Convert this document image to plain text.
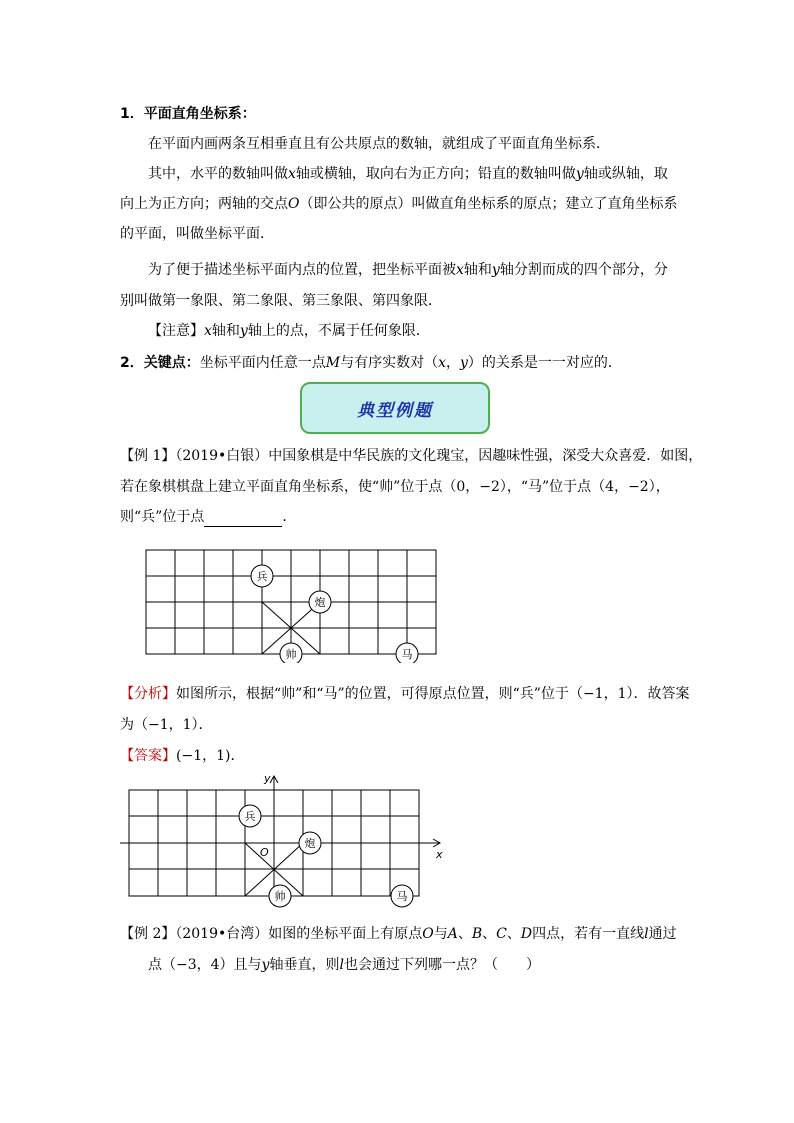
1．平面直角坐标系：
在平面内画两条互相垂直且有公共原点的数轴，就组成了平面直角坐标系．
其中，水平的数轴叫做x轴或横轴，取向右为正方向；铅直的数轴叫做y轴或纵轴，取
向上为正方向；两轴的交点O（即公共的原点）叫做直角坐标系的原点；建立了直角坐标系
的平面，叫做坐标平面．
为了便于描述坐标平面内点的位置，把坐标平面被x轴和y轴分割而成的四个部分，分
别叫做第一象限、第二象限、第三象限、第四象限．
【注意】x轴和y轴上的点，不属于任何象限．
2．关键点：坐标平面内任意一点M与有序实数对（x，y）的关系是一一对应的．
典型例题
【例 1】（2019•白银）中国象棋是中华民族的文化瑰宝，因趣味性强，深受大众喜爱．如图，
若在象棋棋盘上建立平面直角坐标系，使“帅”位于点（0，−2），“马”位于点（4，−2），
则“兵”位于点	．
兵
炮
帅	马
【分析】如图所示，根据“帅”和“马”的位置，可得原点位置，则“兵”位于（−1，1）．故答案
为（−1，1）．
【答案】(−1，1)．
x
y
O
兵
炮
帅	马
【例 2】（2019•台湾）如图的坐标平面上有原点O与A、B、C、D四点，若有一直线l通过
点（−3，4）且与y轴垂直，则l也会通过下列哪一点？（　　）
